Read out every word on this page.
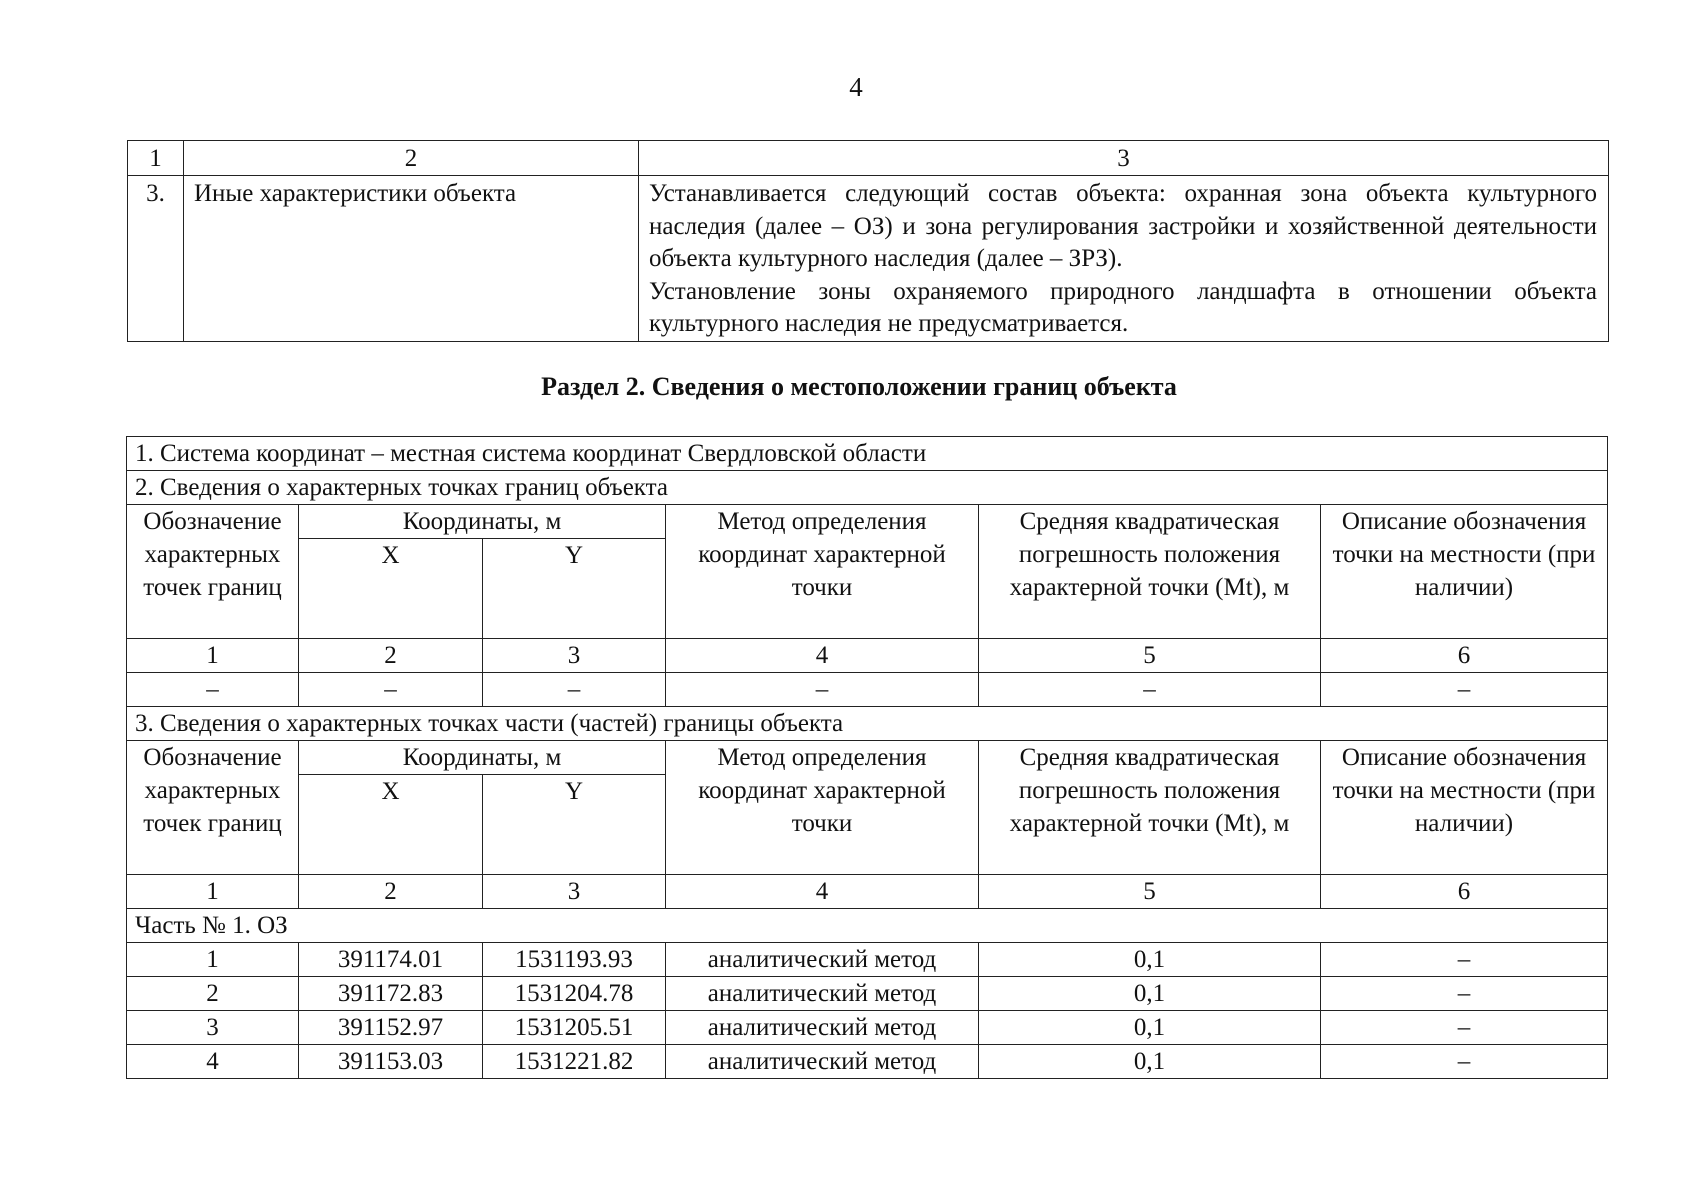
4
1	2	3
3.	Иные характеристики объекта	Устанавливается следующий состав объекта: охранная зона объекта культурного наследия (далее – ОЗ) и зона регулирования застройки и хозяйственной деятельности объекта культурного наследия (далее – ЗРЗ).
Установление зоны охраняемого природного ландшафта в отношении объекта культурного наследия не предусматривается.
Раздел 2. Сведения о местоположении границ объекта
1. Система координат – местная система координат Свердловской области					
2. Сведения о характерных точках границ объекта					
Обозначение характерных точек границ	Координаты, м		Метод определения координат характерной точки	Средняя квадратическая погрешность положения характерной точки (Mt), м	Описание обозначения точки на местности (при наличии)
	X	Y			
1	2	3	4	5	6
–	–	–	–	–	–
3. Сведения о характерных точках части (частей) границы объекта					
Обозначение характерных точек границ	Координаты, м		Метод определения координат характерной точки	Средняя квадратическая погрешность положения характерной точки (Mt), м	Описание обозначения точки на местности (при наличии)
	X	Y			
1	2	3	4	5	6
Часть № 1. ОЗ					
1	391174.01	1531193.93	аналитический метод	0,1	–
2	391172.83	1531204.78	аналитический метод	0,1	–
3	391152.97	1531205.51	аналитический метод	0,1	–
4	391153.03	1531221.82	аналитический метод	0,1	–
